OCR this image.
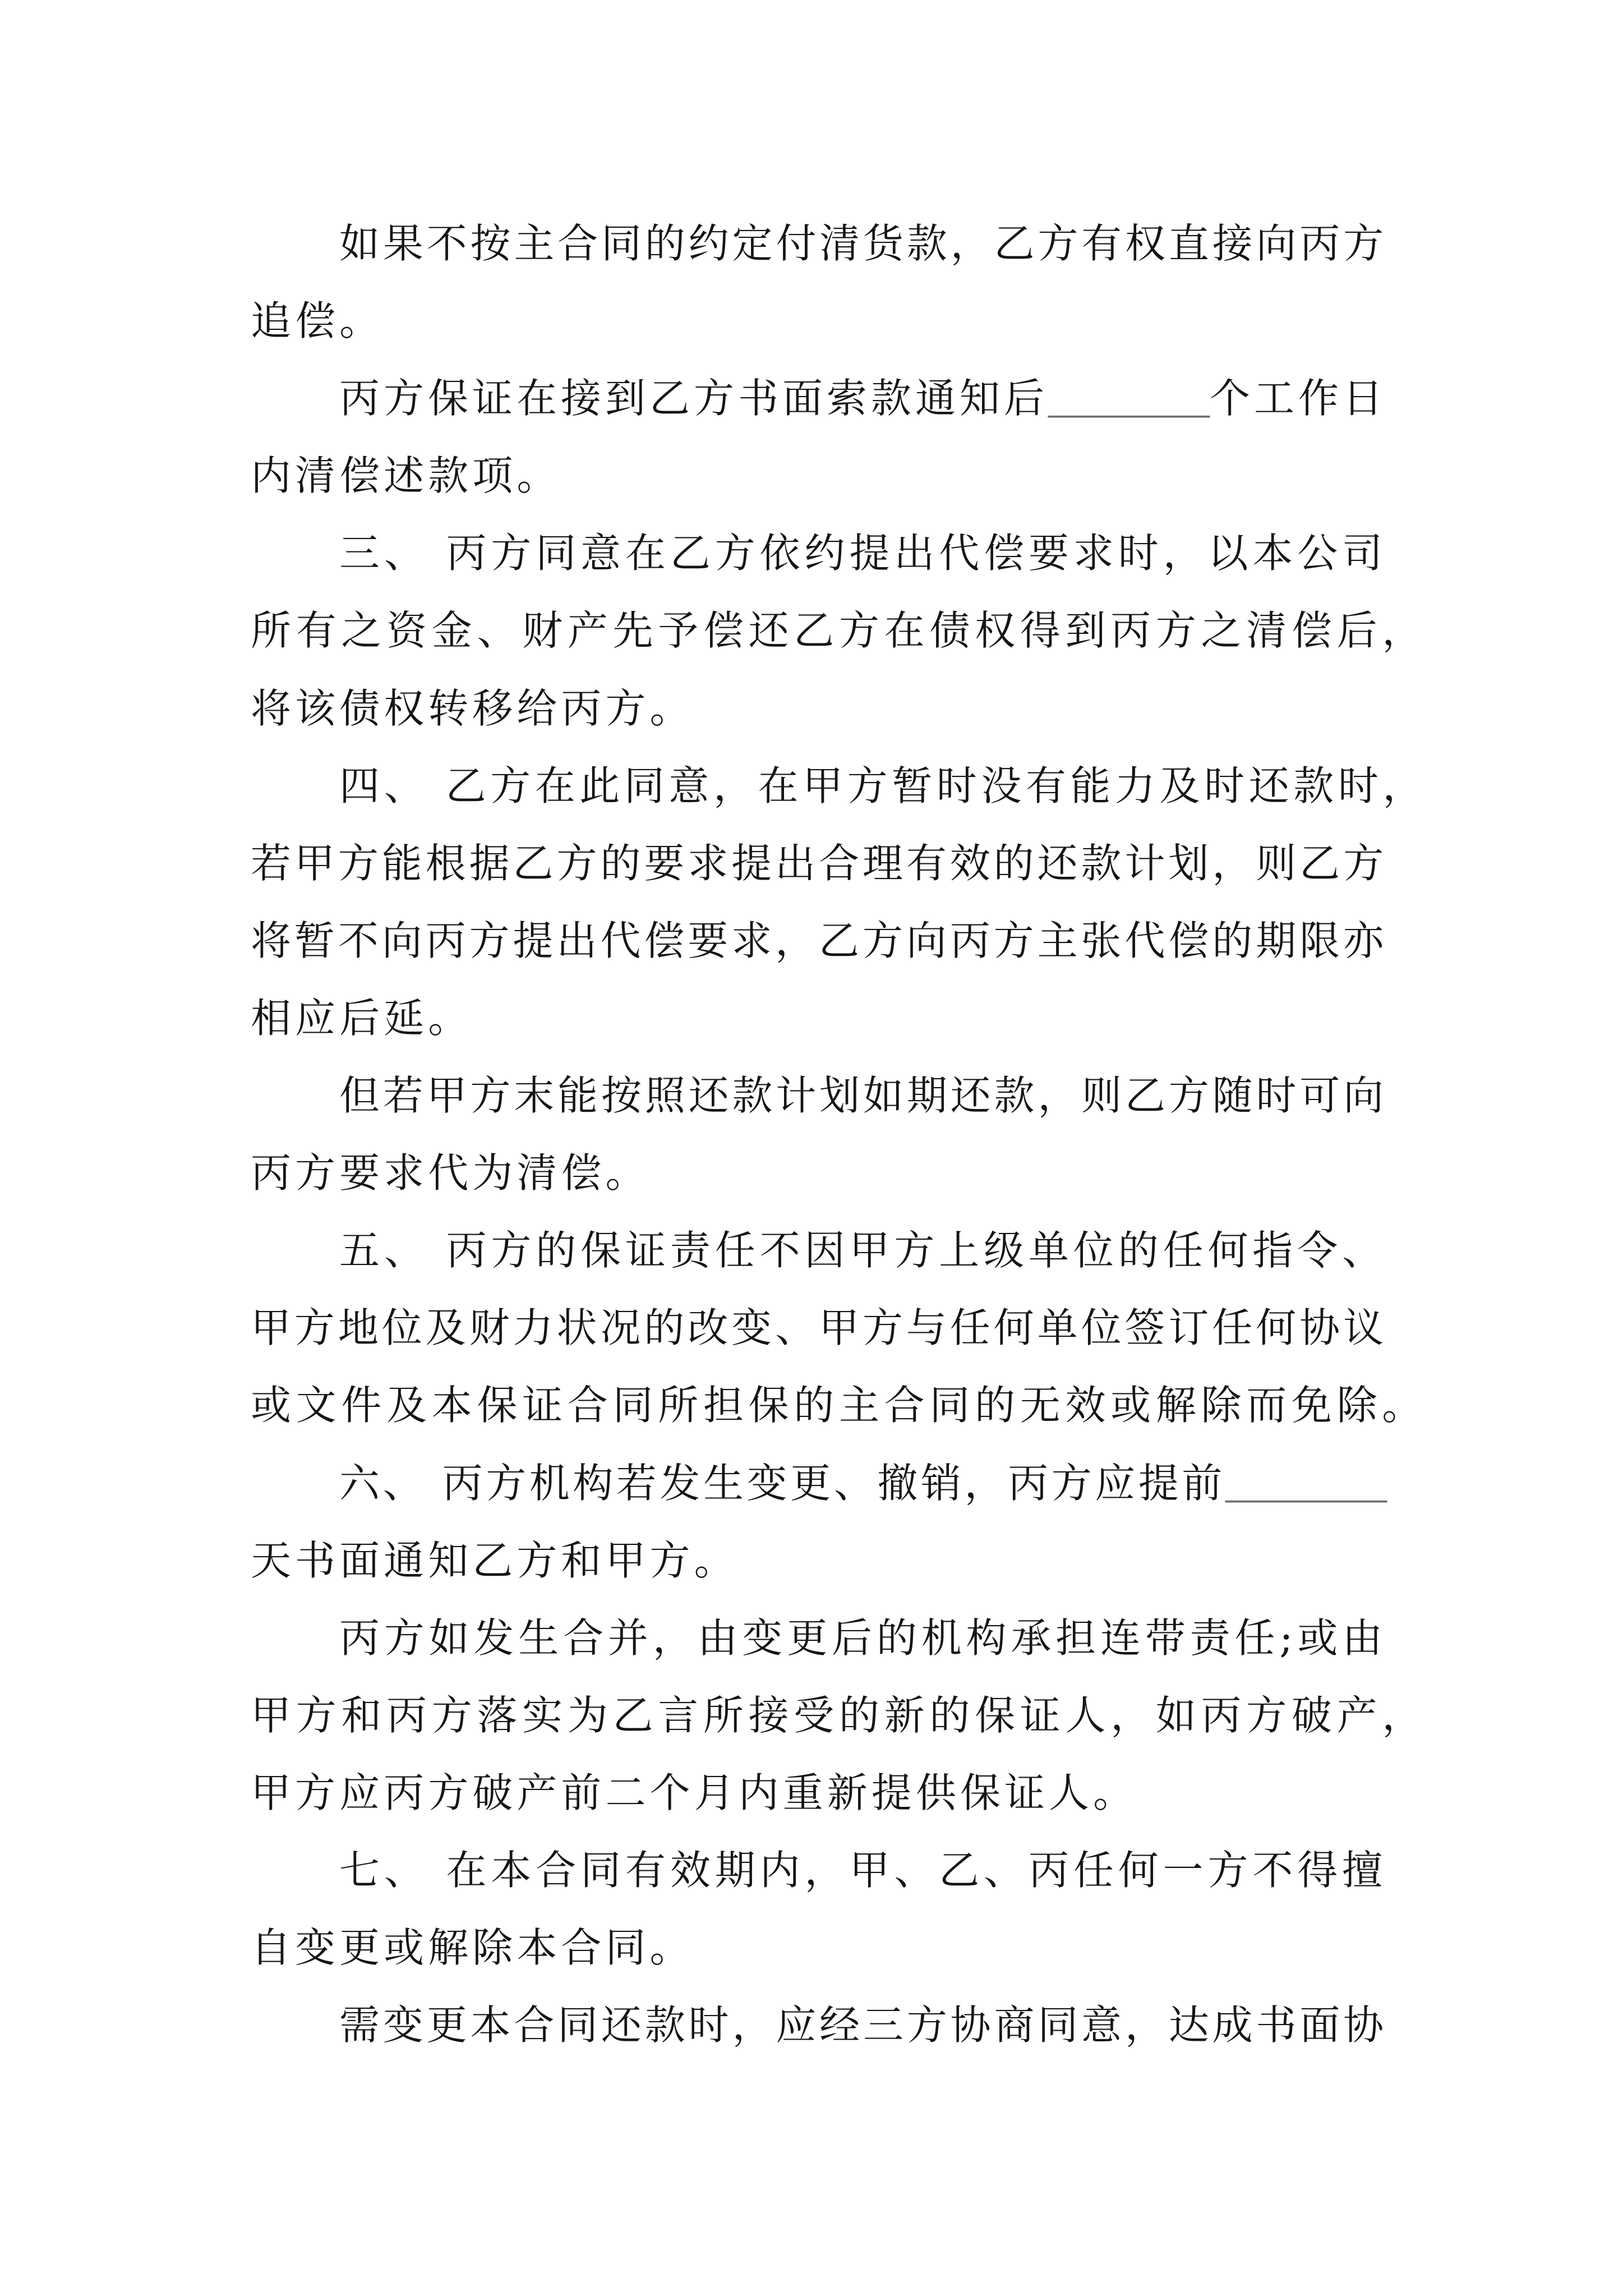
如果不按主合同的约定付清货款，乙方有权直接向丙方
追偿。
丙方保证在接到乙方书面索款通知后________个工作日
内清偿述款项。
三、 丙方同意在乙方依约提出代偿要求时，以本公司
所有之资金、财产先予偿还乙方在债权得到丙方之清偿后，
将该债权转移给丙方。
四、 乙方在此同意，在甲方暂时没有能力及时还款时，
若甲方能根据乙方的要求提出合理有效的还款计划，则乙方
将暂不向丙方提出代偿要求，乙方向丙方主张代偿的期限亦
相应后延。
但若甲方末能按照还款计划如期还款，则乙方随时可向
丙方要求代为清偿。
五、 丙方的保证责任不因甲方上级单位的任何指令、
甲方地位及财力状况的改变、甲方与任何单位签订任何协议
或文件及本保证合同所担保的主合同的无效或解除而免除。
六、 丙方机构若发生变更、撤销，丙方应提前________
天书面通知乙方和甲方。
丙方如发生合并，由变更后的机构承担连带责任;或由
甲方和丙方落实为乙言所接受的新的保证人，如丙方破产，
甲方应丙方破产前二个月内重新提供保证人。
七、 在本合同有效期内，甲、乙、丙任何一方不得擅
自变更或解除本合同。
需变更本合同还款时，应经三方协商同意，达成书面协
